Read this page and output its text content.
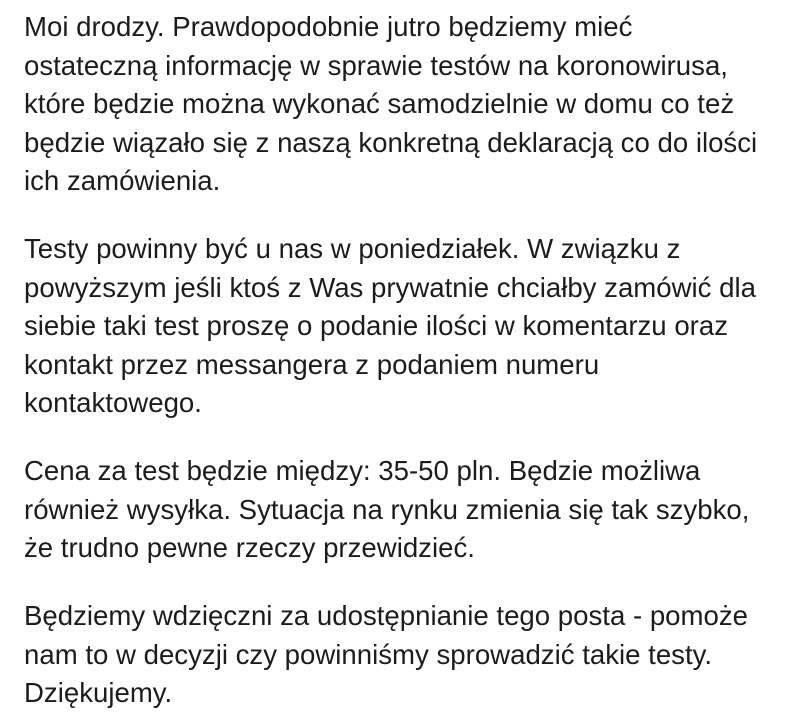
Moi drodzy. Prawdopodobnie jutro będziemy mieć
ostateczną informację w sprawie testów na koronowirusa,
które będzie można wykonać samodzielnie w domu co też
będzie wiązało się z naszą konkretną deklaracją co do ilości
ich zamówienia.

Testy powinny być u nas w poniedziałek. W związku z
powyższym jeśli ktoś z Was prywatnie chciałby zamówić dla
siebie taki test proszę o podanie ilości w komentarzu oraz
kontakt przez messangera z podaniem numeru
kontaktowego.

Cena za test będzie między: 35-50 pln. Będzie możliwa
również wysyłka. Sytuacja na rynku zmienia się tak szybko,
że trudno pewne rzeczy przewidzieć.

Będziemy wdzięczni za udostępnianie tego posta - pomoże
nam to w decyzji czy powinniśmy sprowadzić takie testy.
Dziękujemy.
